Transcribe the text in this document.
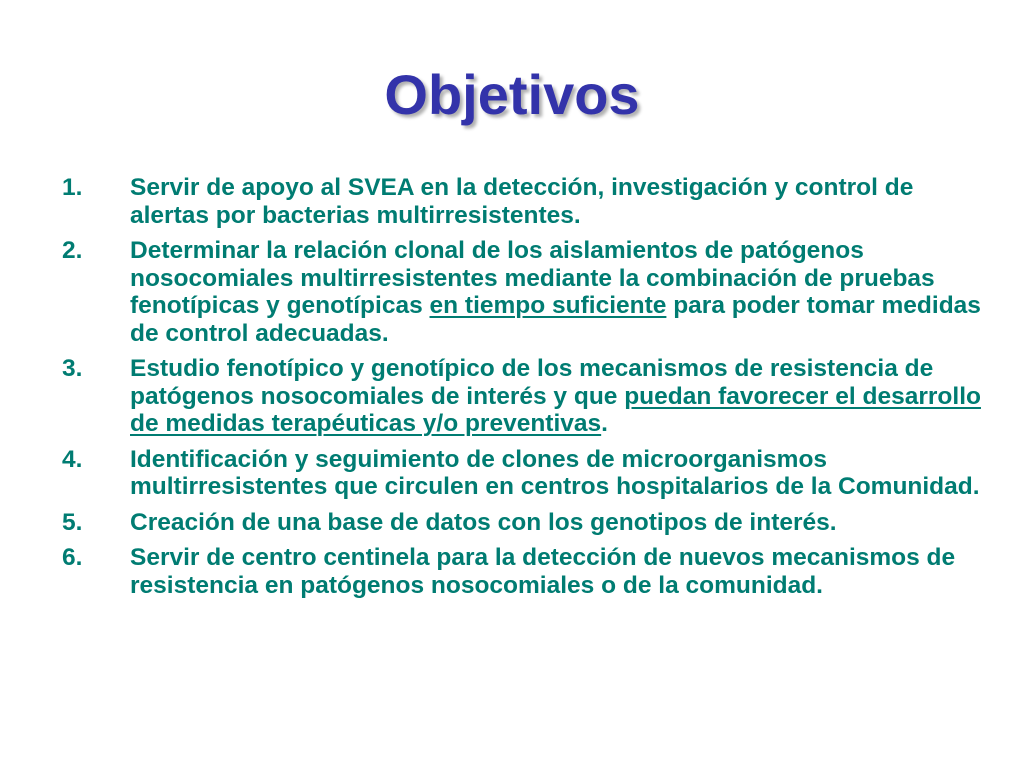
Objetivos
1. Servir de apoyo al SVEA en la detección, investigación y control de alertas por bacterias multirresistentes.
2. Determinar la relación clonal de los aislamientos de patógenos nosocomiales multirresistentes mediante la combinación de pruebas fenotípicas y genotípicas en tiempo suficiente para poder tomar medidas de control adecuadas.
3. Estudio fenotípico y genotípico de los mecanismos de resistencia de patógenos nosocomiales de interés y que puedan favorecer el desarrollo de medidas terapéuticas y/o preventivas.
4. Identificación y seguimiento de clones de microorganismos multirresistentes que circulen en centros hospitalarios de la Comunidad.
5. Creación de una base de datos con los genotipos de interés.
6. Servir de centro centinela para la detección de nuevos mecanismos de resistencia en patógenos nosocomiales o de la comunidad.
